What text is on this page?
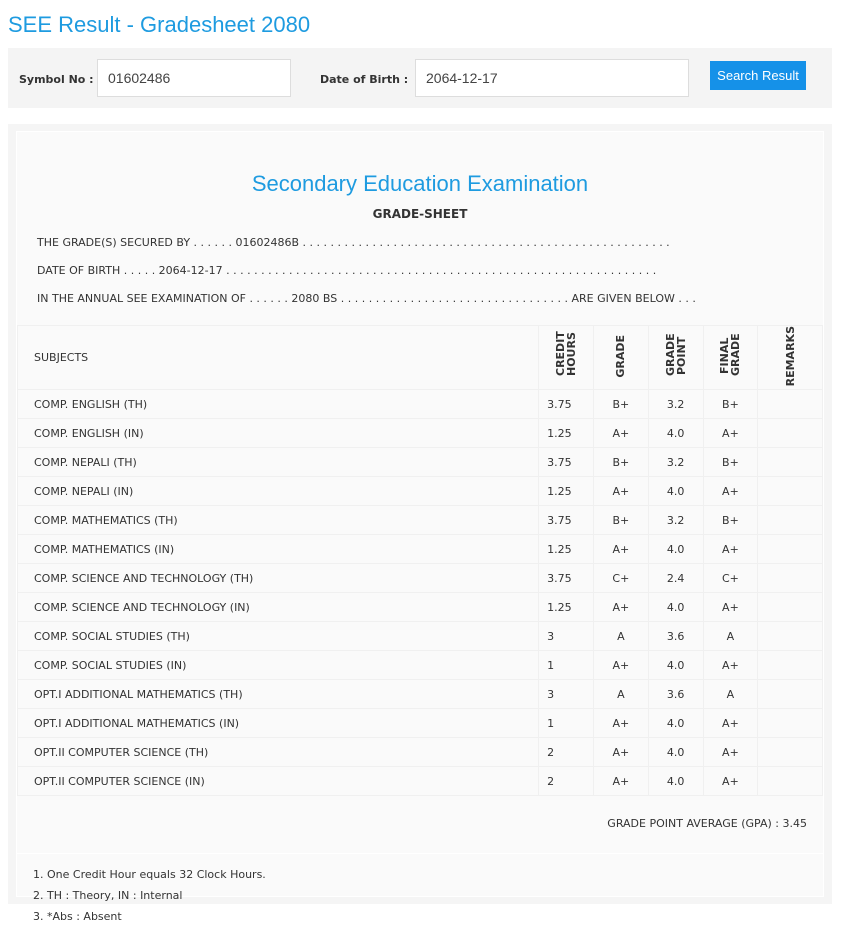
SEE Result - Gradesheet 2080
Symbol No :
01602486	Date of Birth :
2064-12-17	Search Result
Secondary Education Examination
GRADE-SHEET
THE GRADE(S) SECURED BY . . . . . . 01602486B . . . . . . . . . . . . . . . . . . . . . . . . . . . . . . . . . . . . . . . . . . . . . . . . . . . . .
DATE OF BIRTH . . . . . 2064-12-17 . . . . . . . . . . . . . . . . . . . . . . . . . . . . . . . . . . . . . . . . . . . . . . . . . . . . . . . . . . . . . .
IN THE ANNUAL SEE EXAMINATION OF . . . . . . 2080 BS . . . . . . . . . . . . . . . . . . . . . . . . . . . . . . . . . ARE GIVEN BELOW . . .
SUBJECTS	CREDIT HOURS	GRADE	GRADE POINT	FINAL GRADE	REMARKS
COMP. ENGLISH (TH)	3.75	B+	3.2	B+	
COMP. ENGLISH (IN)	1.25	A+	4.0	A+	
COMP. NEPALI (TH)	3.75	B+	3.2	B+	
COMP. NEPALI (IN)	1.25	A+	4.0	A+	
COMP. MATHEMATICS (TH)	3.75	B+	3.2	B+	
COMP. MATHEMATICS (IN)	1.25	A+	4.0	A+	
COMP. SCIENCE AND TECHNOLOGY (TH)	3.75	C+	2.4	C+	
COMP. SCIENCE AND TECHNOLOGY (IN)	1.25	A+	4.0	A+	
COMP. SOCIAL STUDIES (TH)	3	A	3.6	A	
COMP. SOCIAL STUDIES (IN)	1	A+	4.0	A+	
OPT.I ADDITIONAL MATHEMATICS (TH)	3	A	3.6	A	
OPT.I ADDITIONAL MATHEMATICS (IN)	1	A+	4.0	A+	
OPT.II COMPUTER SCIENCE (TH)	2	A+	4.0	A+	
OPT.II COMPUTER SCIENCE (IN)	2	A+	4.0	A+	
GRADE POINT AVERAGE (GPA) : 3.45
1. One Credit Hour equals 32 Clock Hours.
2. TH : Theory, IN : Internal
3. *Abs : Absent
